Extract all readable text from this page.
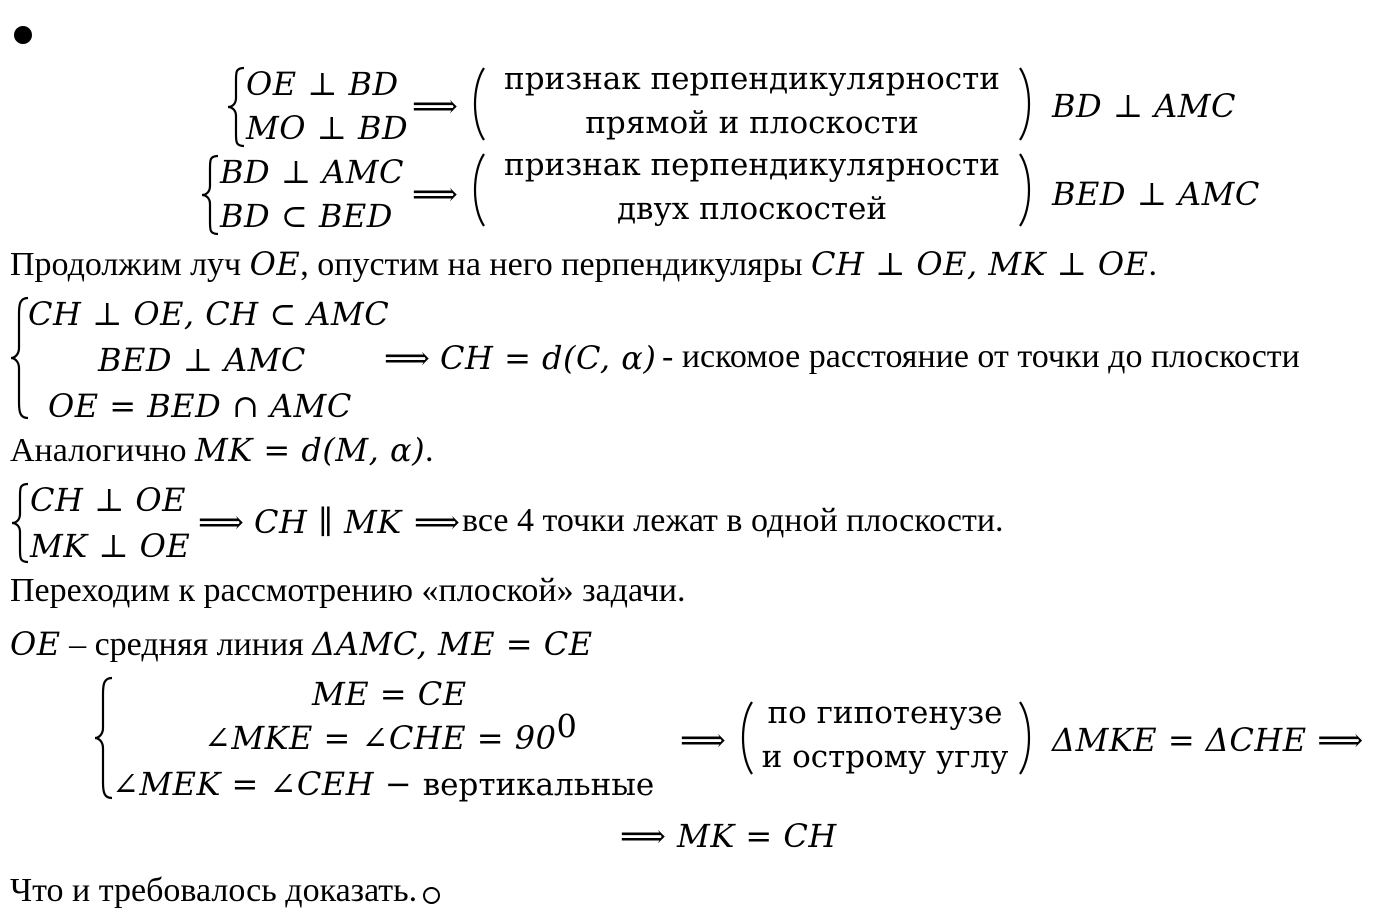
OE ⊥ BD
MO ⊥ BD
⟹
признак перпендикулярности
прямой и плоскости	BD ⊥ AMC
BD ⊥ AMC
BD ⊂ BED
⟹
признак перпендикулярности
двух плоскостей	BED ⊥ AMC
Продолжим луч OE, опустим на него перпендикуляры CH ⊥ OE, MK ⊥ OE.
CH ⊥ OE, CH ⊂ AMC
BED ⊥ AMC
OE = BED ∩ AMC
⟹ CH = d(C, α) - искомое расстояние от точки до плоскости
Аналогично MK = d(M, α).
CH ⊥ OE
MK ⊥ OE
⟹ CH ∥ MK ⟹ все 4 точки лежат в одной плоскости.
Переходим к рассмотрению «плоской» задачи.
OE – средняя линия ΔAMC, ME = CE
ME = CE
∠MKE = ∠CHE = $90^0$
∠MEK = ∠CEH − вертикальные
⟹
по гипотенузе
и острому углу ΔMKE = ΔCHE ⟹
⟹ MK = CH
Что и требовалось доказать.
